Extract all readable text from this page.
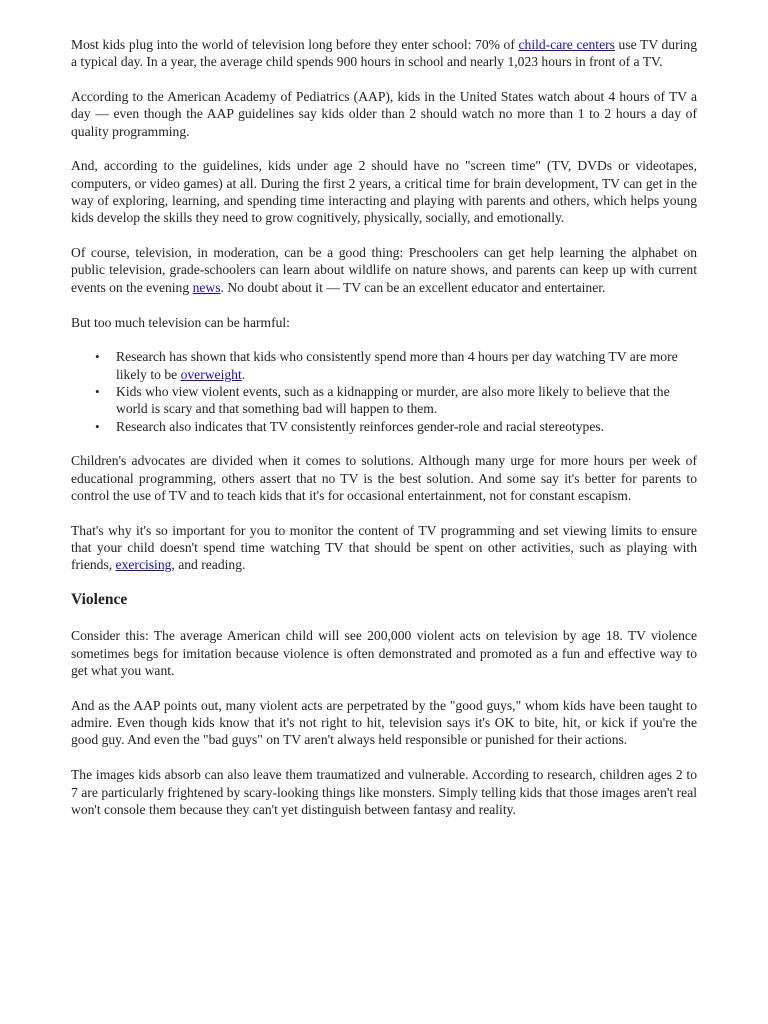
Most kids plug into the world of television long before they enter school: 70% of child-care centers use TV during a typical day. In a year, the average child spends 900 hours in school and nearly 1,023 hours in front of a TV.

According to the American Academy of Pediatrics (AAP), kids in the United States watch about 4 hours of TV a day — even though the AAP guidelines say kids older than 2 should watch no more than 1 to 2 hours a day of quality programming.

And, according to the guidelines, kids under age 2 should have no "screen time" (TV, DVDs or videotapes, computers, or video games) at all. During the first 2 years, a critical time for brain development, TV can get in the way of exploring, learning, and spending time interacting and playing with parents and others, which helps young kids develop the skills they need to grow cognitively, physically, socially, and emotionally.

Of course, television, in moderation, can be a good thing: Preschoolers can get help learning the alphabet on public television, grade-schoolers can learn about wildlife on nature shows, and parents can keep up with current events on the evening news. No doubt about it — TV can be an excellent educator and entertainer.

But too much television can be harmful:

• Research has shown that kids who consistently spend more than 4 hours per day watching TV are more likely to be overweight.
• Kids who view violent events, such as a kidnapping or murder, are also more likely to believe that the world is scary and that something bad will happen to them.
• Research also indicates that TV consistently reinforces gender-role and racial stereotypes.

Children's advocates are divided when it comes to solutions. Although many urge for more hours per week of educational programming, others assert that no TV is the best solution. And some say it's better for parents to control the use of TV and to teach kids that it's for occasional entertainment, not for constant escapism.

That's why it's so important for you to monitor the content of TV programming and set viewing limits to ensure that your child doesn't spend time watching TV that should be spent on other activities, such as playing with friends, exercising, and reading.

Violence

Consider this: The average American child will see 200,000 violent acts on television by age 18. TV violence sometimes begs for imitation because violence is often demonstrated and promoted as a fun and effective way to get what you want.

And as the AAP points out, many violent acts are perpetrated by the "good guys," whom kids have been taught to admire. Even though kids know that it's not right to hit, television says it's OK to bite, hit, or kick if you're the good guy. And even the "bad guys" on TV aren't always held responsible or punished for their actions.

The images kids absorb can also leave them traumatized and vulnerable. According to research, children ages 2 to 7 are particularly frightened by scary-looking things like monsters. Simply telling kids that those images aren't real won't console them because they can't yet distinguish between fantasy and reality.
